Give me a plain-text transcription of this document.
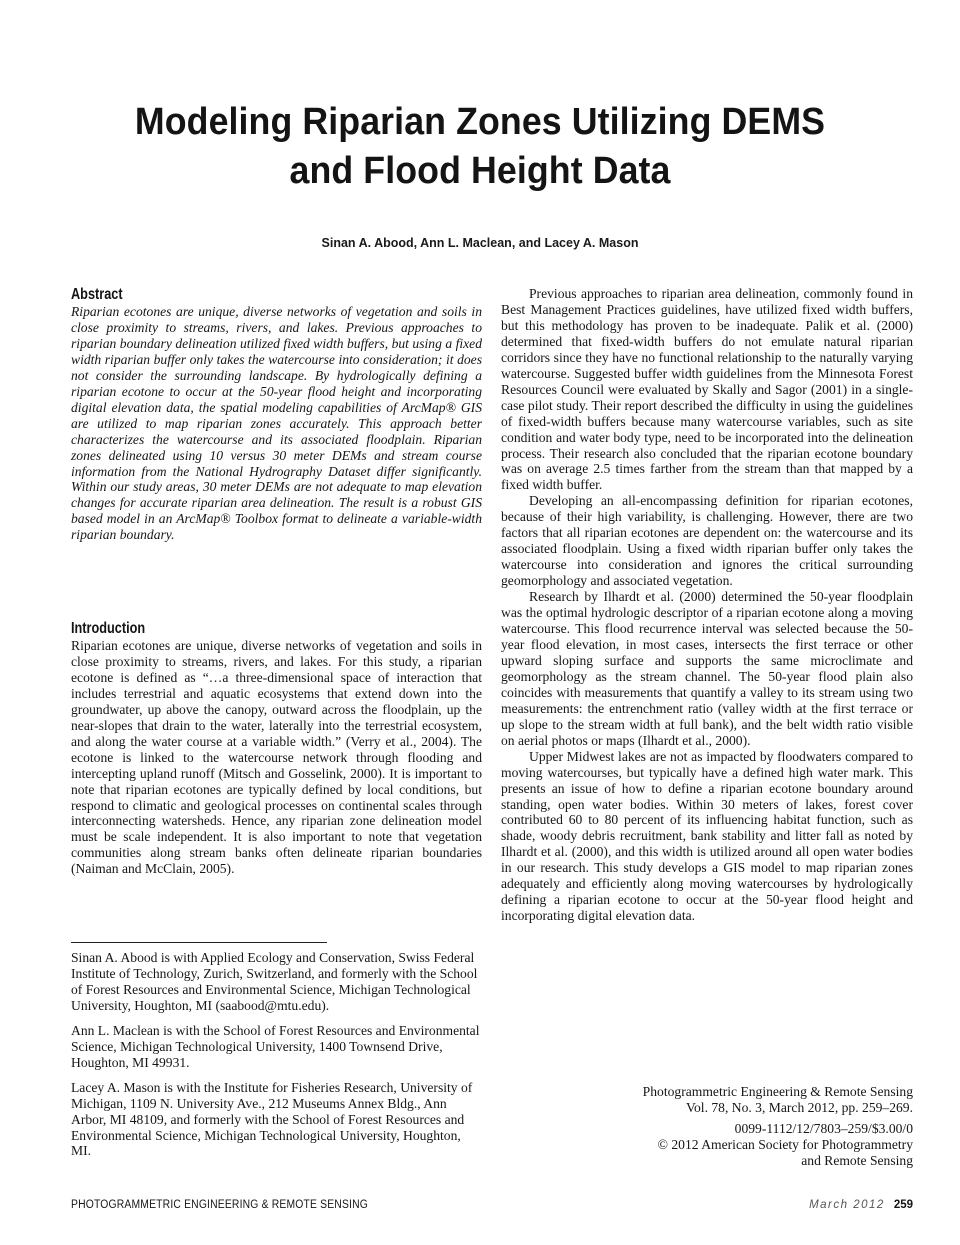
Modeling Riparian Zones Utilizing DEMS
and Flood Height Data
Sinan A. Abood, Ann L. Maclean, and Lacey A. Mason
Abstract

Riparian ecotones are unique, diverse networks of vegetation and soils in close proximity to streams, rivers, and lakes. Previous approaches to riparian boundary delineation utilized fixed width buffers, but using a fixed width riparian buffer only takes the watercourse into consideration; it does not consider the surrounding landscape. By hydrologically defining a riparian ecotone to occur at the 50-year flood height and incorporating digital elevation data, the spatial modeling capabilities of ArcMap® GIS are utilized to map riparian zones accurately. This approach better characterizes the watercourse and its associated floodplain. Riparian zones delineated using 10 versus 30 meter DEMs and stream course information from the National Hydrography Dataset differ significantly. Within our study areas, 30 meter DEMs are not adequate to map elevation changes for accurate riparian area delineation. The result is a robust GIS based model in an ArcMap® Toolbox format to delineate a variable-width riparian boundary.

Introduction

Riparian ecotones are unique, diverse networks of vegetation and soils in close proximity to streams, rivers, and lakes. For this study, a riparian ecotone is defined as “…a three-dimensional space of interaction that includes terrestrial and aquatic ecosystems that extend down into the groundwater, up above the canopy, outward across the floodplain, up the near-slopes that drain to the water, laterally into the terrestrial ecosystem, and along the water course at a variable width.” (Verry et al., 2004). The ecotone is linked to the watercourse network through flooding and intercepting upland runoff (Mitsch and Gosselink, 2000). It is important to note that riparian ecotones are typically defined by local conditions, but respond to climatic and geological processes on continental scales through interconnecting watersheds. Hence, any riparian zone delineation model must be scale independent. It is also important to note that vegetation communities along stream banks often delineate riparian boundaries (Naiman and McClain, 2005).

Sinan A. Abood is with Applied Ecology and Conservation, Swiss Federal Institute of Technology, Zurich, Switzerland, and formerly with the School of Forest Resources and Environmental Science, Michigan Technological University, Houghton, MI (saabood@mtu.edu).

Ann L. Maclean is with the School of Forest Resources and Environmental Science, Michigan Technological University, 1400 Townsend Drive, Houghton, MI 49931.

Lacey A. Mason is with the Institute for Fisheries Research, University of Michigan, 1109 N. University Ave., 212 Museums Annex Bldg., Ann Arbor, MI 48109, and formerly with the School of Forest Resources and Environmental Science, Michigan Technological University, Houghton, MI.

Previous approaches to riparian area delineation, commonly found in Best Management Practices guidelines, have utilized fixed width buffers, but this methodology has proven to be inadequate. Palik et al. (2000) determined that fixed-width buffers do not emulate natural riparian corridors since they have no functional relationship to the naturally varying watercourse. Suggested buffer width guidelines from the Minnesota Forest Resources Council were evaluated by Skally and Sagor (2001) in a single-case pilot study. Their report described the difficulty in using the guidelines of fixed-width buffers because many watercourse variables, such as site condition and water body type, need to be incorporated into the delineation process. Their research also concluded that the riparian ecotone boundary was on average 2.5 times farther from the stream than that mapped by a fixed width buffer.

Developing an all-encompassing definition for riparian ecotones, because of their high variability, is challenging. However, there are two factors that all riparian ecotones are dependent on: the watercourse and its associated floodplain. Using a fixed width riparian buffer only takes the watercourse into consideration and ignores the critical surrounding geomorphology and associated vegetation.

Research by Ilhardt et al. (2000) determined the 50-year floodplain was the optimal hydrologic descriptor of a riparian ecotone along a moving watercourse. This flood recurrence interval was selected because the 50-year flood elevation, in most cases, intersects the first terrace or other upward sloping surface and supports the same microclimate and geomorphology as the stream channel. The 50-year flood plain also coincides with measurements that quantify a valley to its stream using two measurements: the entrenchment ratio (valley width at the first terrace or up slope to the stream width at full bank), and the belt width ratio visible on aerial photos or maps (Ilhardt et al., 2000).

Upper Midwest lakes are not as impacted by floodwaters compared to moving watercourses, but typically have a defined high water mark. This presents an issue of how to define a riparian ecotone boundary around standing, open water bodies. Within 30 meters of lakes, forest cover contributed 60 to 80 percent of its influencing habitat function, such as shade, woody debris recruitment, bank stability and litter fall as noted by Ilhardt et al. (2000), and this width is utilized around all open water bodies in our research. This study develops a GIS model to map riparian zones adequately and efficiently along moving watercourses by hydrologically defining a riparian ecotone to occur at the 50-year flood height and incorporating digital elevation data.

Photogrammetric Engineering & Remote Sensing
Vol. 78, No. 3, March 2012, pp. 259–269.
0099-1112/12/7803–259/$3.00/0
© 2012 American Society for Photogrammetry
and Remote Sensing
PHOTOGRAMMETRIC ENGINEERING & REMOTE SENSING	March 2012 259
